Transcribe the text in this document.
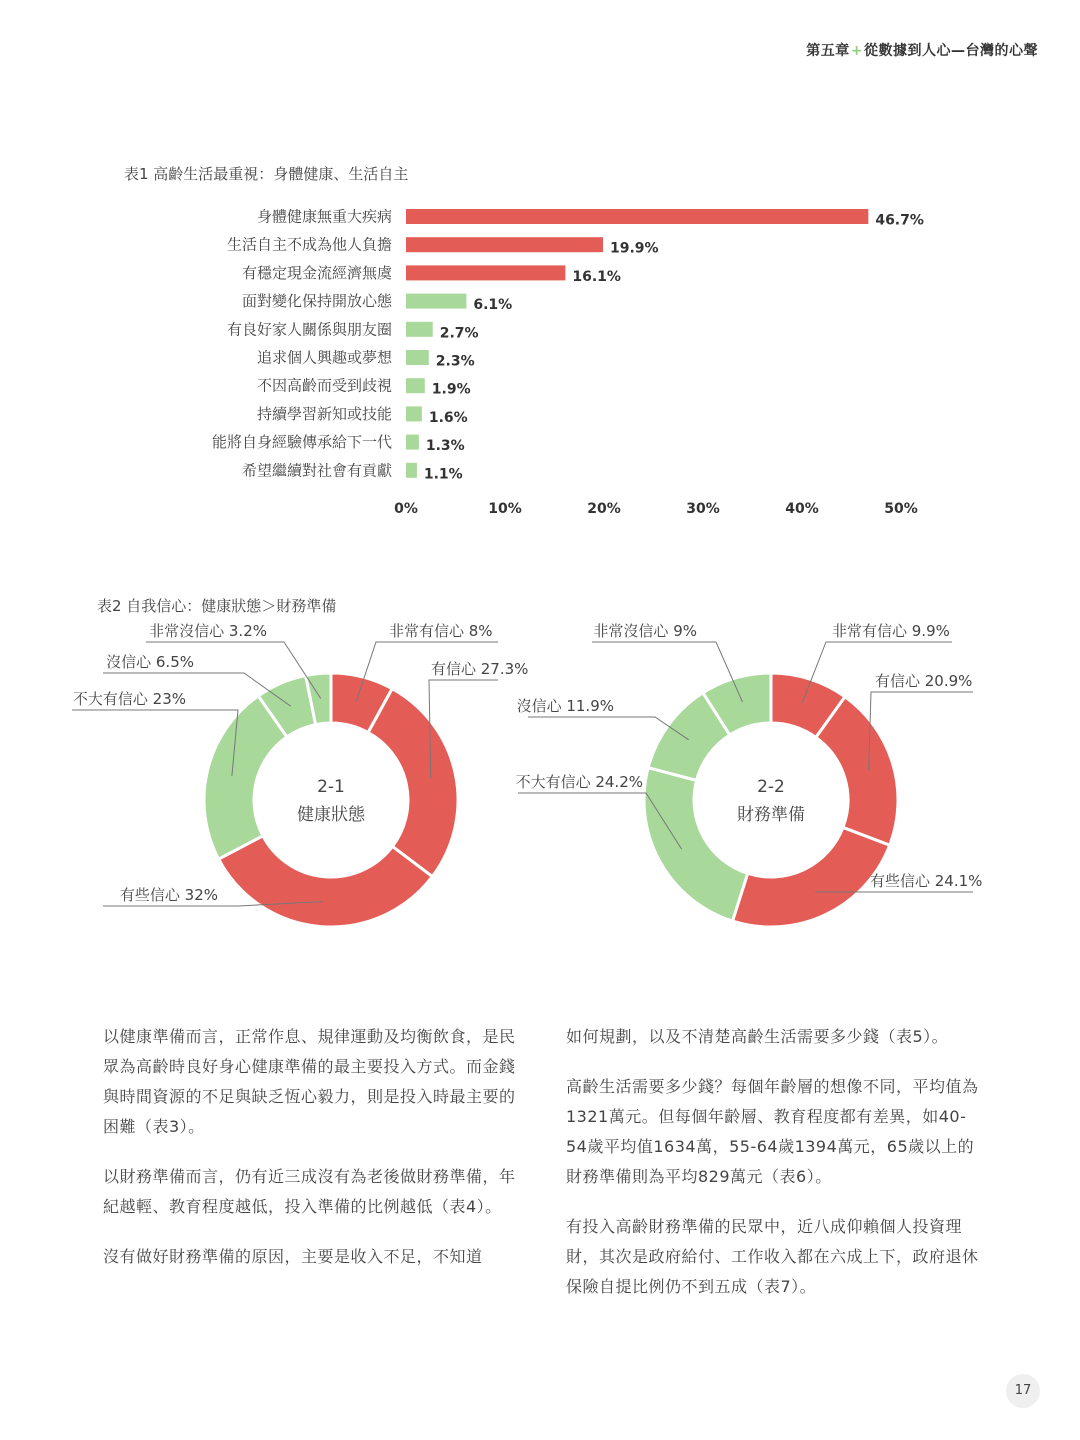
第五章+從數據到人心—台灣的心聲
表1 高齡生活最重視：身體健康、生活自主
身體健康無重大疾病	46.7%
生活自主不成為他人負擔	19.9%
有穩定現金流經濟無虞	16.1%
面對變化保持開放心態	6.1%
有良好家人關係與朋友圈	2.7%
追求個人興趣或夢想	2.3%
不因高齡而受到歧視	1.9%
持續學習新知或技能	1.6%
能將自身經驗傳承給下一代 1.3%
希望繼續對社會有貢獻 1.1%
0%	10%	20%	30%	40%	50%
表2 自我信心：健康狀態＞財務準備
非常有信心 8%
有信心 27.3%
有些信心 32%
不大有信心 23%
沒信心 6.5%
非常沒信心 3.2%
2-1
健康狀態
非常有信心 9.9%
有信心 20.9%
有些信心 24.1%
不大有信心 24.2%
沒信心 11.9%
非常沒信心 9%
2-2
財務準備

以健康準備而言，正常作息、規律運動及均衡飲食，是民眾為高齡時良好身心健康準備的最主要投入方式。而金錢與時間資源的不足與缺乏恆心毅力，則是投入時最主要的困難（表3）。

以財務準備而言，仍有近三成沒有為老後做財務準備，年紀越輕、教育程度越低，投入準備的比例越低（表4）。

沒有做好財務準備的原因，主要是收入不足，不知道

如何規劃，以及不清楚高齡生活需要多少錢（表5）。

高齡生活需要多少錢？每個年齡層的想像不同，平均值為1321萬元。但每個年齡層、教育程度都有差異，如40-54歲平均值1634萬，55-64歲1394萬元，65歲以上的財務準備則為平均829萬元（表6）。

有投入高齡財務準備的民眾中，近八成仰賴個人投資理財，其次是政府給付、工作收入都在六成上下，政府退休保險自提比例仍不到五成（表7）。

17
